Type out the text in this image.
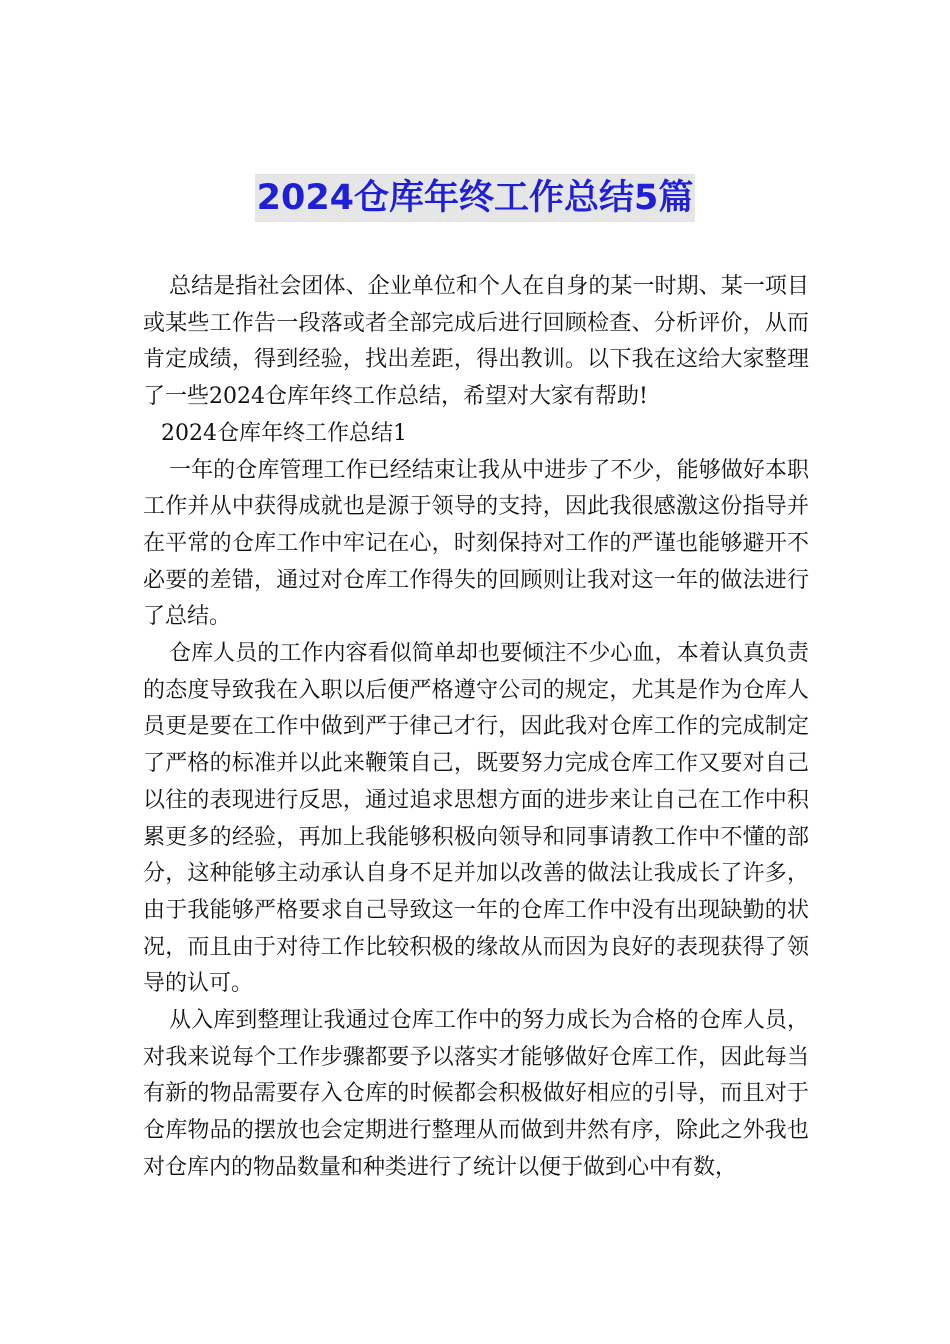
2024仓库年终工作总结5篇

总结是指社会团体、企业单位和个人在自身的某一时期、某一项目或某些工作告一段落或者全部完成后进行回顾检查、分析评价，从而肯定成绩，得到经验，找出差距，得出教训。以下我在这给大家整理了一些2024仓库年终工作总结，希望对大家有帮助!

2024仓库年终工作总结1

一年的仓库管理工作已经结束让我从中进步了不少，能够做好本职工作并从中获得成就也是源于领导的支持，因此我很感激这份指导并在平常的仓库工作中牢记在心，时刻保持对工作的严谨也能够避开不必要的差错，通过对仓库工作得失的回顾则让我对这一年的做法进行了总结。

仓库人员的工作内容看似简单却也要倾注不少心血，本着认真负责的态度导致我在入职以后便严格遵守公司的规定，尤其是作为仓库人员更是要在工作中做到严于律己才行，因此我对仓库工作的完成制定了严格的标准并以此来鞭策自己，既要努力完成仓库工作又要对自己以往的表现进行反思，通过追求思想方面的进步来让自己在工作中积累更多的经验，再加上我能够积极向领导和同事请教工作中不懂的部分，这种能够主动承认自身不足并加以改善的做法让我成长了许多，由于我能够严格要求自己导致这一年的仓库工作中没有出现缺勤的状况，而且由于对待工作比较积极的缘故从而因为良好的表现获得了领导的认可。

从入库到整理让我通过仓库工作中的努力成长为合格的仓库人员，对我来说每个工作步骤都要予以落实才能够做好仓库工作，因此每当有新的物品需要存入仓库的时候都会积极做好相应的引导，而且对于仓库物品的摆放也会定期进行整理从而做到井然有序，除此之外我也对仓库内的物品数量和种类进行了统计以便于做到心中有数，
